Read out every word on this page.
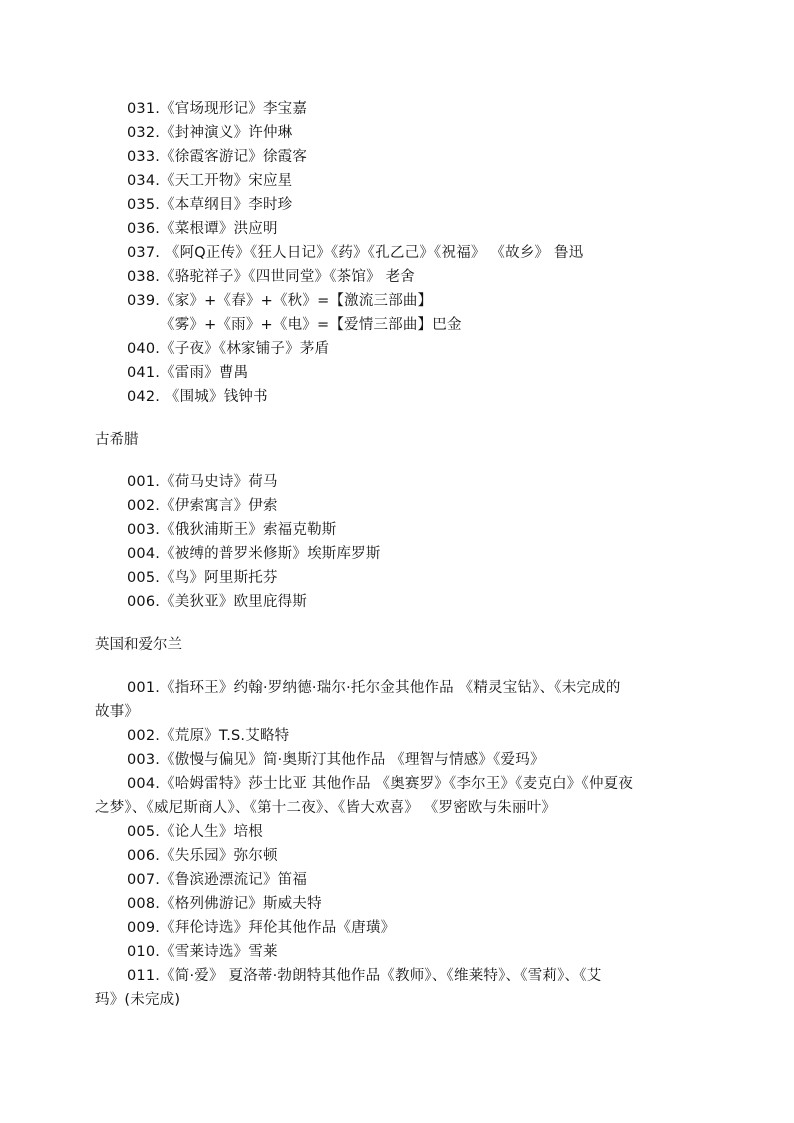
031.《官场现形记》李宝嘉
032.《封神演义》许仲琳
033.《徐霞客游记》徐霞客
034.《天工开物》宋应星
035.《本草纲目》李时珍
036.《菜根谭》洪应明
037. 《阿Q正传》《狂人日记》《药》《孔乙己》《祝福》 《故乡》 鲁迅
038.《骆驼祥子》《四世同堂》《茶馆》 老舍
039.《家》+《春》+《秋》=【激流三部曲】
《雾》+《雨》+《电》=【爱情三部曲】巴金
040.《子夜》《林家铺子》茅盾
041.《雷雨》曹禺
042. 《围城》钱钟书
古希腊
001.《荷马史诗》荷马
002.《伊索寓言》伊索
003.《俄狄浦斯王》索福克勒斯
004.《被缚的普罗米修斯》埃斯库罗斯
005.《鸟》阿里斯托芬
006.《美狄亚》欧里庇得斯
英国和爱尔兰
001.《指环王》约翰·罗纳德·瑞尔·托尔金其他作品 《精灵宝钻》、《未完成的
故事》
002.《荒原》T.S.艾略特
003.《傲慢与偏见》简·奥斯汀其他作品 《理智与情感》《爱玛》
004.《哈姆雷特》莎士比亚 其他作品 《奥赛罗》《李尔王》《麦克白》《仲夏夜
之梦》、《威尼斯商人》、《第十二夜》、《皆大欢喜》 《罗密欧与朱丽叶》
005.《论人生》培根
006.《失乐园》弥尔顿
007.《鲁滨逊漂流记》笛福
008.《格列佛游记》斯威夫特
009.《拜伦诗选》拜伦其他作品《唐璜》
010.《雪莱诗选》雪莱
011.《简·爱》 夏洛蒂·勃朗特其他作品《教师》、《维莱特》、《雪莉》、《艾
玛》(未完成)
